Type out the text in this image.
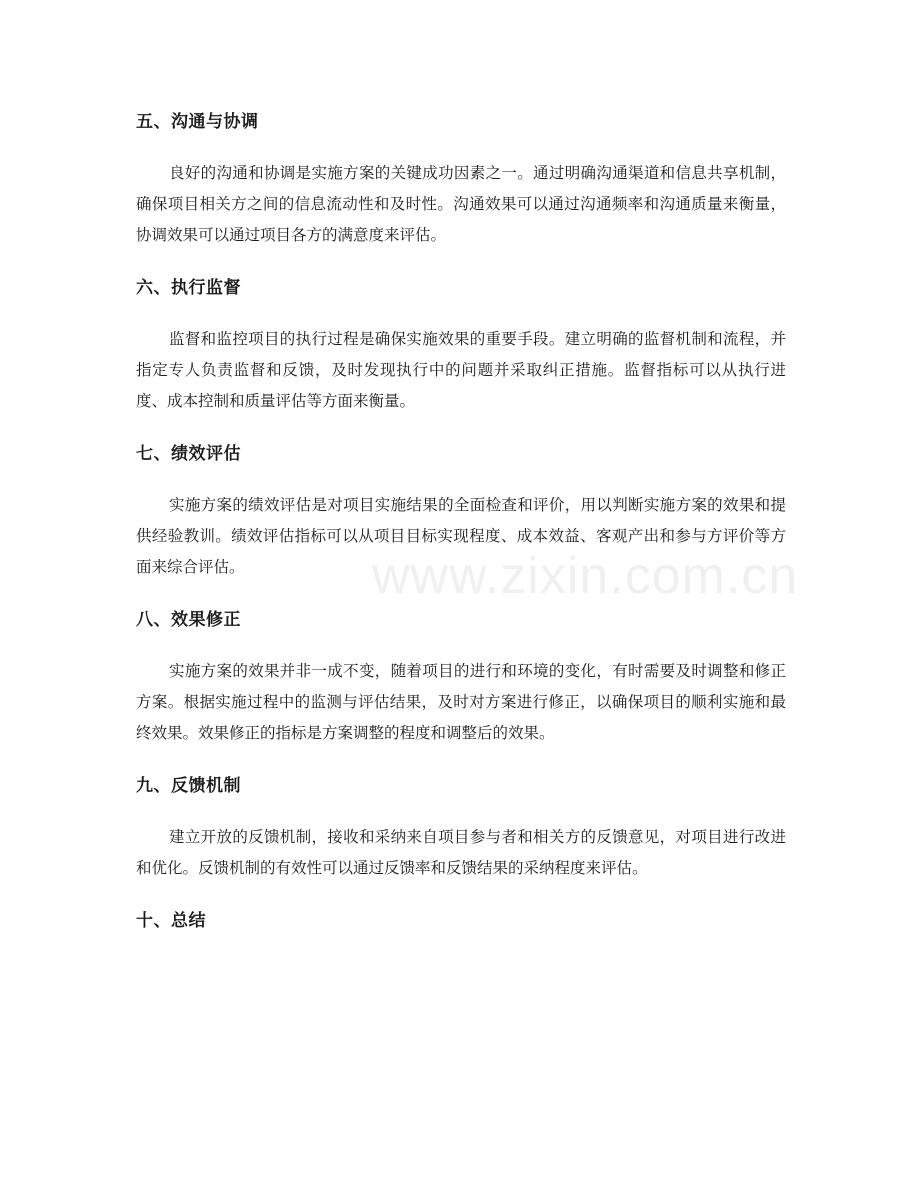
www.zixin.com.cn
五、沟通与协调

良好的沟通和协调是实施方案的关键成功因素之一。通过明确沟通渠道和信息共享机制，确保项目相关方之间的信息流动性和及时性。沟通效果可以通过沟通频率和沟通质量来衡量，协调效果可以通过项目各方的满意度来评估。

六、执行监督

监督和监控项目的执行过程是确保实施效果的重要手段。建立明确的监督机制和流程，并指定专人负责监督和反馈，及时发现执行中的问题并采取纠正措施。监督指标可以从执行进度、成本控制和质量评估等方面来衡量。

七、绩效评估

实施方案的绩效评估是对项目实施结果的全面检查和评价，用以判断实施方案的效果和提供经验教训。绩效评估指标可以从项目目标实现程度、成本效益、客观产出和参与方评价等方面来综合评估。

八、效果修正

实施方案的效果并非一成不变，随着项目的进行和环境的变化，有时需要及时调整和修正方案。根据实施过程中的监测与评估结果，及时对方案进行修正，以确保项目的顺利实施和最终效果。效果修正的指标是方案调整的程度和调整后的效果。

九、反馈机制

建立开放的反馈机制，接收和采纳来自项目参与者和相关方的反馈意见，对项目进行改进和优化。反馈机制的有效性可以通过反馈率和反馈结果的采纳程度来评估。

十、总结
